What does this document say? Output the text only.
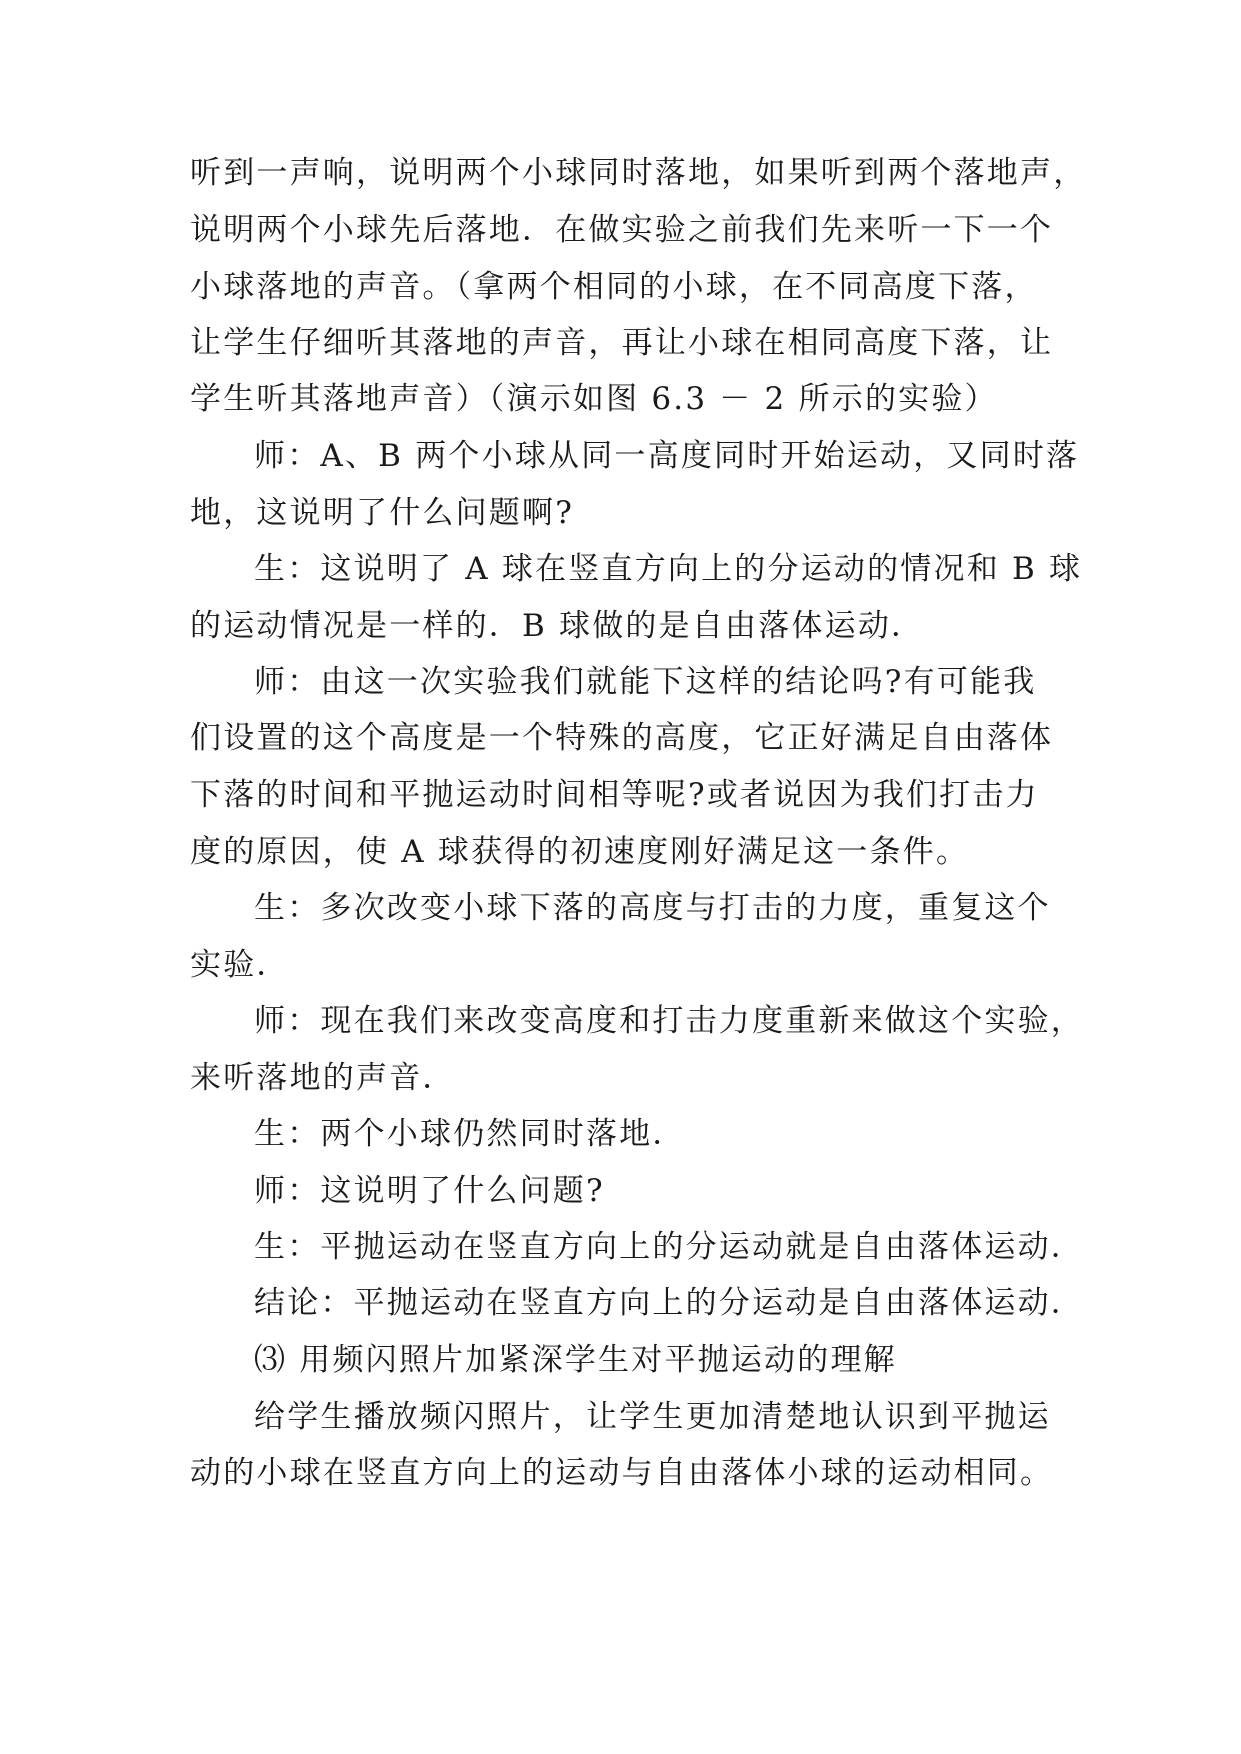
听到一声响，说明两个小球同时落地，如果听到两个落地声，
说明两个小球先后落地．在做实验之前我们先来听一下一个
小球落地的声音。（拿两个相同的小球，在不同高度下落，
让学生仔细听其落地的声音，再让小球在相同高度下落，让
学生听其落地声音）（演示如图 6.3 － 2 所示的实验）
师：A、B 两个小球从同一高度同时开始运动，又同时落
地，这说明了什么问题啊?
生：这说明了 A 球在竖直方向上的分运动的情况和 B 球
的运动情况是一样的．B 球做的是自由落体运动．
师：由这一次实验我们就能下这样的结论吗?有可能我
们设置的这个高度是一个特殊的高度，它正好满足自由落体
下落的时间和平抛运动时间相等呢?或者说因为我们打击力
度的原因，使 A 球获得的初速度刚好满足这一条件。
生：多次改变小球下落的高度与打击的力度，重复这个
实验．
师：现在我们来改变高度和打击力度重新来做这个实验，
来听落地的声音．
生：两个小球仍然同时落地．
师：这说明了什么问题?
生：平抛运动在竖直方向上的分运动就是自由落体运动．
结论：平抛运动在竖直方向上的分运动是自由落体运动．
⑶ 用频闪照片加紧深学生对平抛运动的理解
给学生播放频闪照片，让学生更加清楚地认识到平抛运
动的小球在竖直方向上的运动与自由落体小球的运动相同。
